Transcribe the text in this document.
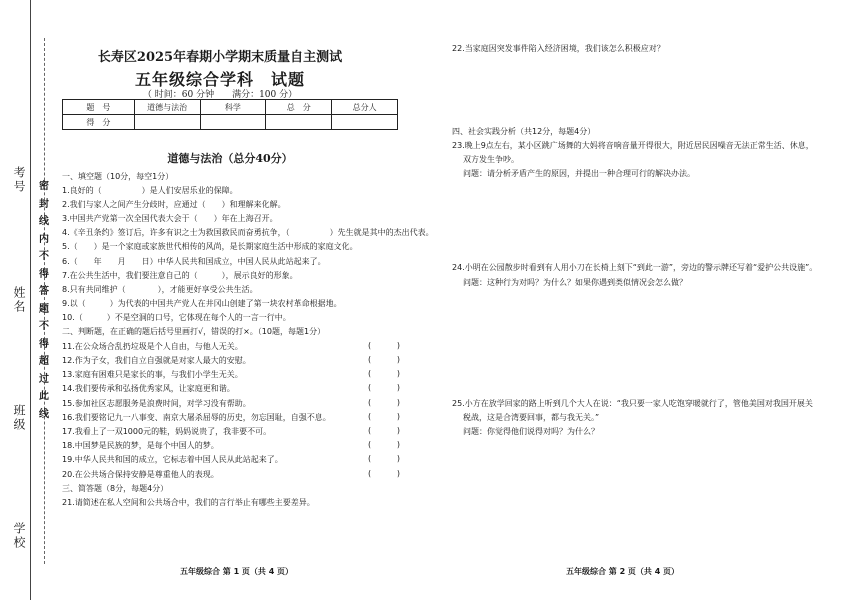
考号
姓名
班级
学校
密
封
线
内
不
得
答
题
不
得
超
过
此
线
长寿区2025年春期小学期末质量自主测试
五年级综合学科　试题
（ 时间：60 分钟　　满分：100 分）
题　号	道德与法治	科学	总　分	总分人
得　分				
道德与法治（总分40分）
一、填空题（10分，每空1分）
1.良好的（　　　　　）是人们安居乐业的保障。
2.我们与家人之间产生分歧时，应通过（　　）和理解来化解。
3.中国共产党第一次全国代表大会于（　　）年在上海召开。
4.《辛丑条约》签订后，许多有识之士为救国救民而奋勇抗争，（　　　　　）先生就是其中的杰出代表。
5.（　　）是一个家庭或家族世代相传的风尚，是长期家庭生活中形成的家庭文化。
6.（　　年　　月　　日）中华人民共和国成立，中国人民从此站起来了。
7.在公共生活中，我们要注意自己的（　　　），展示良好的形象。
8.只有共同维护（　　　　），才能更好享受公共生活。
9.以（　　　）为代表的中国共产党人在井冈山创建了第一块农村革命根据地。
10.（　　　）不是空洞的口号，它体现在每个人的一言一行中。
二、判断题，在正确的题后括号里画打√，错误的打×。（10题，每题1分）
11.在公众场合乱扔垃圾是个人自由，与他人无关。
12.作为子女，我们自立自强就是对家人最大的安慰。
13.家庭有困难只是家长的事，与我们小学生无关。
14.我们要传承和弘扬优秀家风，让家庭更和谐。
15.参加社区志愿服务是浪费时间，对学习没有帮助。
16.我们要铭记九一八事变、南京大屠杀屈辱的历史，勿忘国耻，自强不息。
17.我看上了一双1000元的鞋，妈妈说贵了，我非要不可。
18.中国梦是民族的梦，是每个中国人的梦。
19.中华人民共和国的成立，它标志着中国人民从此站起来了。
20.在公共场合保持安静是尊重他人的表现。
三、简答题（8分，每题4分）
21.请简述在私人空间和公共场合中，我们的言行举止有哪些主要差异。
(	)
(	)
(	)
(	)
(	)
(	)
(	)
(	)
(	)
(	)
22.当家庭因突发事件陷入经济困境，我们该怎么积极应对？
四、社会实践分析（共12分，每题4分）
23.晚上9点左右，某小区跳广场舞的大妈将音响音量开得很大，附近居民因噪音无法正常生活、休息，
双方发生争吵。
问题：请分析矛盾产生的原因，并提出一种合理可行的解决办法。
24.小明在公园散步时看到有人用小刀在长椅上刻下“到此一游”，旁边的警示牌还写着“爱护公共设施”。
问题：这种行为对吗？为什么？如果你遇到类似情况会怎么做？
25.小方在放学回家的路上听到几个大人在说：“我只要一家人吃饱穿暖就行了，管他美国对我国开展关
税战，这是合湾要回事，都与我无关。”
问题：你觉得他们说得对吗？为什么？
五年级综合 第 1 页（共 4 页）	五年级综合 第 2 页（共 4 页）
